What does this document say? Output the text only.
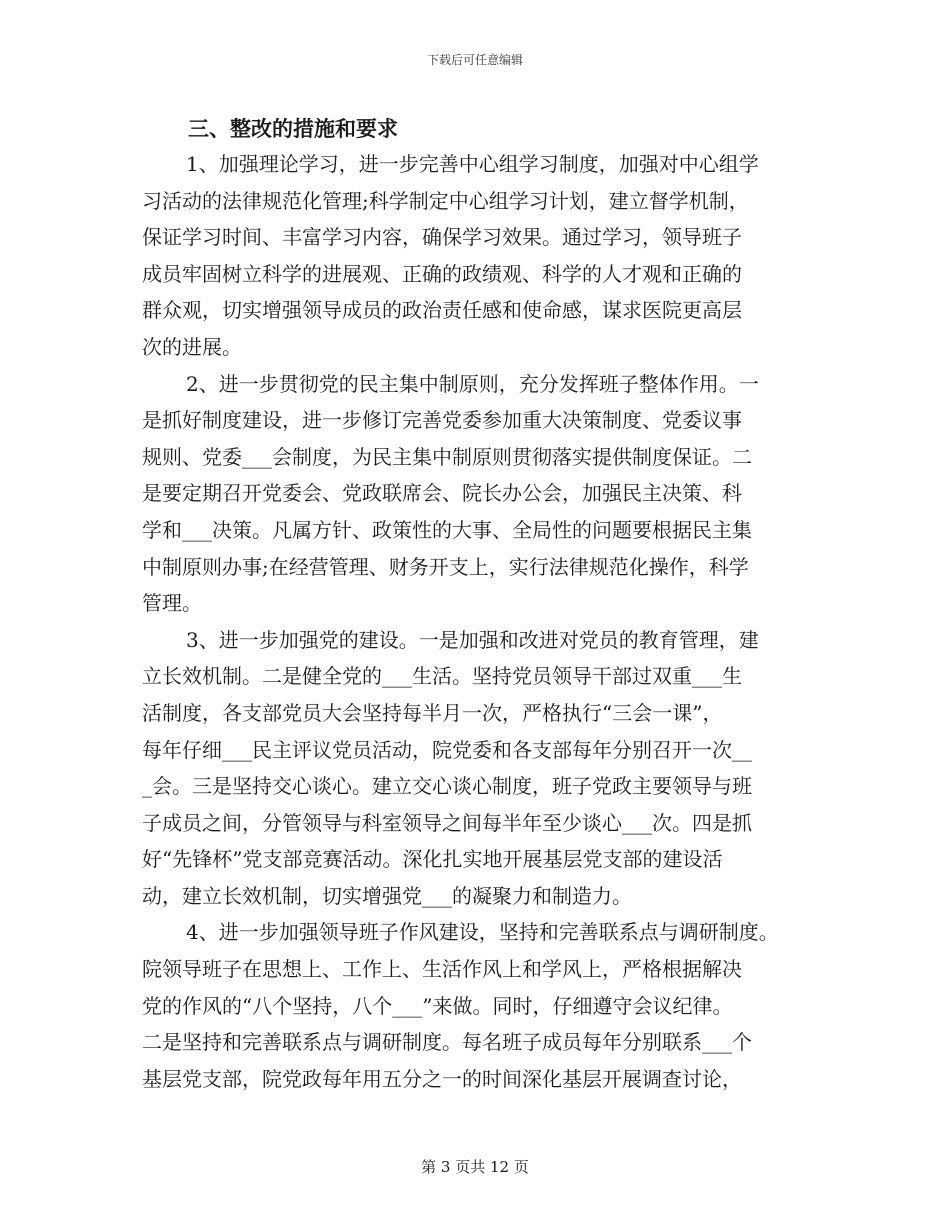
下载后可任意编辑
三、整改的措施和要求
1、加强理论学习，进一步完善中心组学习制度，加强对中心组学
习活动的法律规范化管理;科学制定中心组学习计划，建立督学机制，
保证学习时间、丰富学习内容，确保学习效果。通过学习，领导班子
成员牢固树立科学的进展观、正确的政绩观、科学的人才观和正确的
群众观，切实增强领导成员的政治责任感和使命感，谋求医院更高层
次的进展。
2、进一步贯彻党的民主集中制原则，充分发挥班子整体作用。一
是抓好制度建设，进一步修订完善党委参加重大决策制度、党委议事
规则、党委___会制度，为民主集中制原则贯彻落实提供制度保证。二
是要定期召开党委会、党政联席会、院长办公会，加强民主决策、科
学和___决策。凡属方针、政策性的大事、全局性的问题要根据民主集
中制原则办事;在经营管理、财务开支上，实行法律规范化操作，科学
管理。
3、进一步加强党的建设。一是加强和改进对党员的教育管理，建
立长效机制。二是健全党的___生活。坚持党员领导干部过双重___生
活制度，各支部党员大会坚持每半月一次，严格执行“三会一课”，
每年仔细___民主评议党员活动，院党委和各支部每年分别召开一次__
_会。三是坚持交心谈心。建立交心谈心制度，班子党政主要领导与班
子成员之间，分管领导与科室领导之间每半年至少谈心___次。四是抓
好“先锋杯”党支部竞赛活动。深化扎实地开展基层党支部的建设活
动，建立长效机制，切实增强党___的凝聚力和制造力。
4、进一步加强领导班子作风建设，坚持和完善联系点与调研制度。
院领导班子在思想上、工作上、生活作风上和学风上，严格根据解决
党的作风的“八个坚持，八个___”来做。同时，仔细遵守会议纪律。
二是坚持和完善联系点与调研制度。每名班子成员每年分别联系___个
基层党支部，院党政每年用五分之一的时间深化基层开展调查讨论，
第 3 页共 12 页
